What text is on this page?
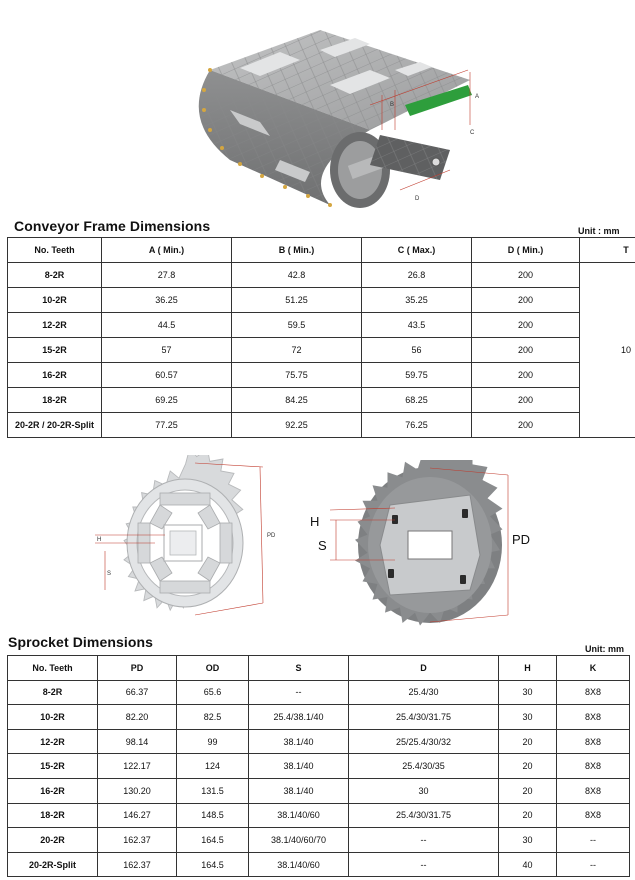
B
A
C
D
Conveyor Frame Dimensions	Unit : mm
No. Teeth	A ( Min.)	B ( Min.)	C ( Max.)	D ( Min.)	T
8-2R	27.8	42.8	26.8	200	10
10-2R	36.25	51.25	35.25	200	
12-2R	44.5	59.5	43.5	200	
15-2R	57	72	56	200	
16-2R	60.57	75.75	59.75	200	
18-2R	69.25	84.25	68.25	200	
20-2R / 20-2R-Split	77.25	92.25	76.25	200	
H
S
PD
H
S	PD
Sprocket Dimensions	Unit: mm
No. Teeth	PD	OD	S	D	H	K
8-2R	66.37	65.6	--	25.4/30	30	8X8
10-2R	82.20	82.5	25.4/38.1/40	25.4/30/31.75	30	8X8
12-2R	98.14	99	38.1/40	25/25.4/30/32	20	8X8
15-2R	122.17	124	38.1/40	25.4/30/35	20	8X8
16-2R	130.20	131.5	38.1/40	30	20	8X8
18-2R	146.27	148.5	38.1/40/60	25.4/30/31.75	20	8X8
20-2R	162.37	164.5	38.1/40/60/70	--	30	--
20-2R-Split	162.37	164.5	38.1/40/60	--	40	--
